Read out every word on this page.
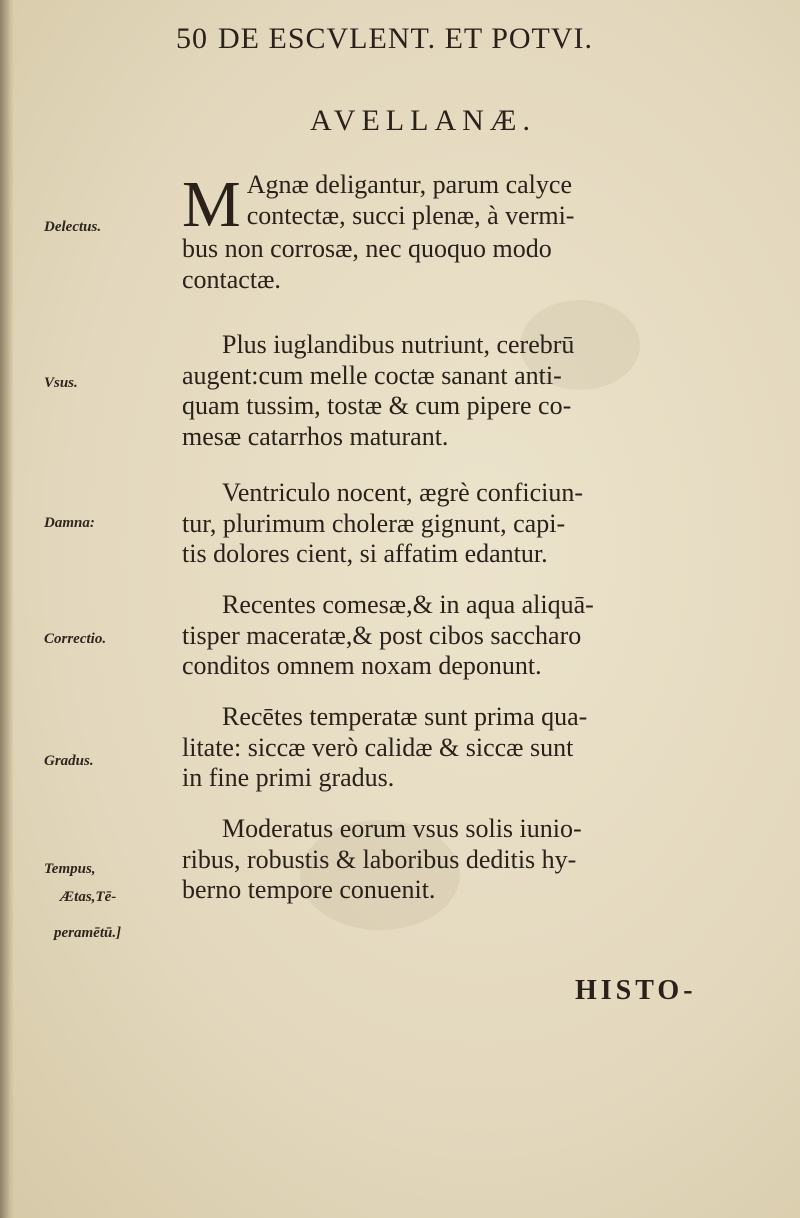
50 DE ESCVLENT. ET POTVI.
AVELLANÆ.
Delectus.
Vsus.
Damna:
Correctio.
Gradus.
Tempus,
Ætas,Tē-
peramētū.]
M Agnæ deligantur, parum calyce
contectæ, succi plenæ, à vermi-
bus non corrosæ, nec quoquo modo
contactæ.
Plus iuglandibus nutriunt, cerebrū
augent:cum melle coctæ sanant anti-
quam tussim, tostæ & cum pipere co-
mesæ catarrhos maturant.
Ventriculo nocent, ægrè conficiun-
tur, plurimum choleræ gignunt, capi-
tis dolores cient, si affatim edantur.
Recentes comesæ,& in aqua aliquā-
tisper maceratæ,& post cibos saccharo
conditos omnem noxam deponunt.
Recētes temperatæ sunt prima qua-
litate: siccæ verò calidæ & siccæ sunt
in fine primi gradus.
Moderatus eorum vsus solis iunio-
ribus, robustis & laboribus deditis hy-
berno tempore conuenit.
HISTO-
